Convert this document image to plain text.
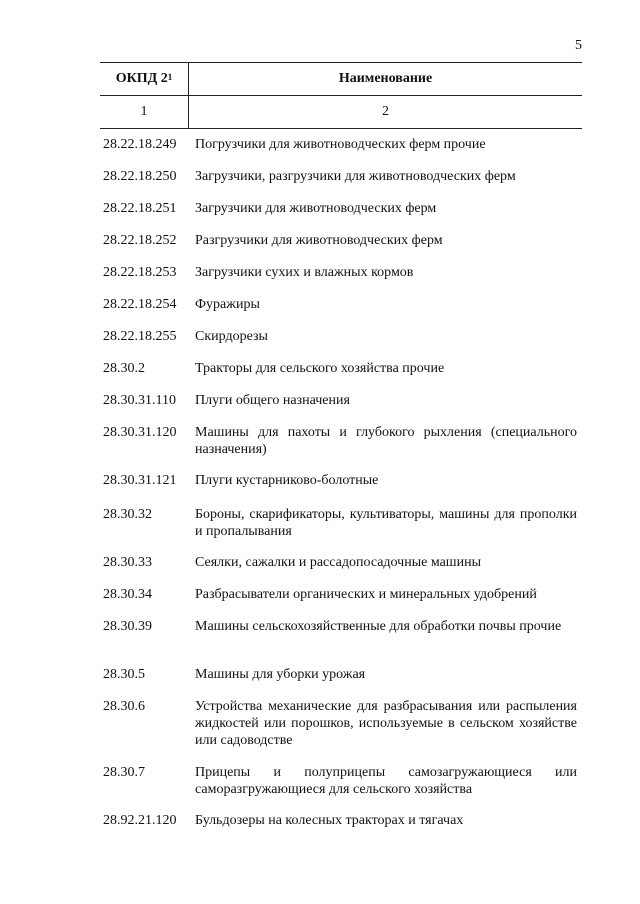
5
ОКПД $2^1$	Наименование
1	2
28.22.18.249	Погрузчики для животноводческих ферм прочие
28.22.18.250	Загрузчики, разгрузчики для животноводческих ферм
28.22.18.251	Загрузчики для животноводческих ферм
28.22.18.252	Разгрузчики для животноводческих ферм
28.22.18.253	Загрузчики сухих и влажных кормов
28.22.18.254	Фуражиры
28.22.18.255	Скирдорезы
28.30.2	Тракторы для сельского хозяйства прочие
28.30.31.110	Плуги общего назначения
28.30.31.120	Машины для пахоты и глубокого рыхления (специального назначения)
28.30.31.121	Плуги кустарниково-болотные
28.30.32	Бороны, скарификаторы, культиваторы, машины для прополки и пропалывания
28.30.33	Сеялки, сажалки и рассадопосадочные машины
28.30.34	Разбрасыватели органических и минеральных удобрений
28.30.39	Машины сельскохозяйственные для обработки почвы прочие
28.30.5	Машины для уборки урожая
28.30.6	Устройства механические для разбрасывания или распыления жидкостей или порошков, используемые в сельском хозяйстве или садоводстве
28.30.7	Прицепы и полуприцепы самозагружающиеся или саморазгружающиеся для сельского хозяйства
28.92.21.120	Бульдозеры на колесных тракторах и тягачах
